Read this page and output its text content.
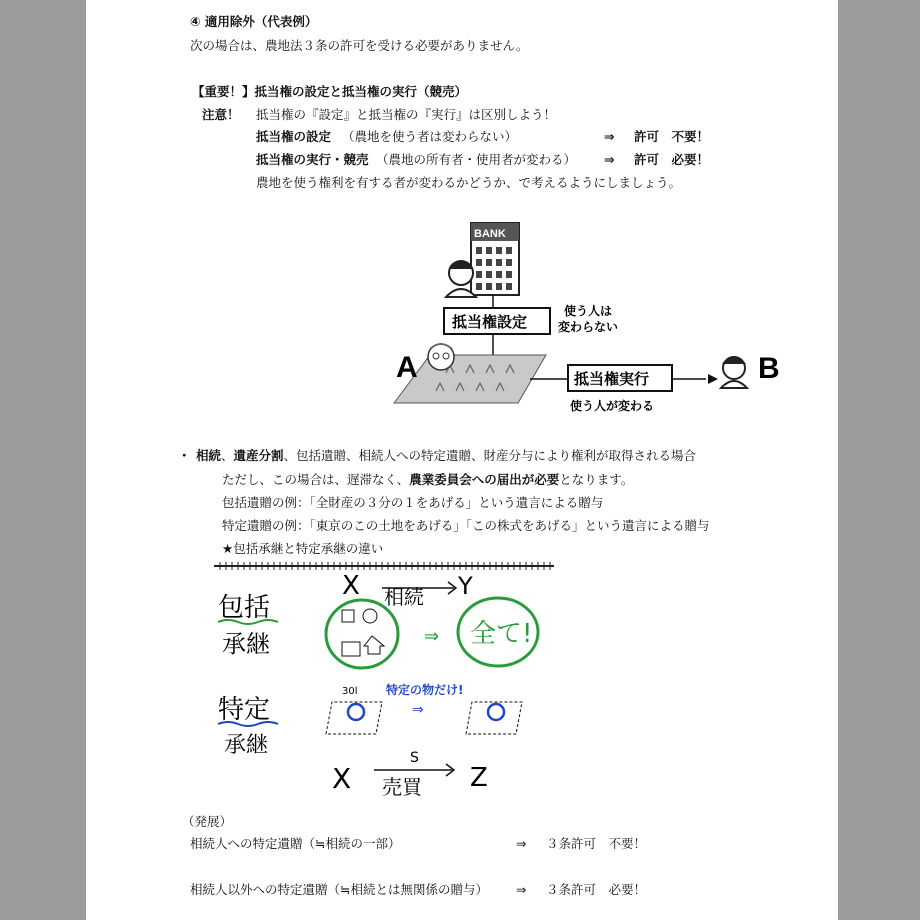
④ 適用除外（代表例）
次の場合は、農地法３条の許可を受ける必要がありません。
【重要！】抵当権の設定と抵当権の実行（競売）
注意！ 抵当権の『設定』と抵当権の『実行』は区別しよう！
抵当権の設定 （農地を使う者は変わらない）	⇒ 許可　不要！
抵当権の実行・競売 （農地の所有者・使用者が変わる） ⇒ 許可　必要！
農地を使う権利を有する者が変わるかどうか、で考えるようにしましょう。
BANK
抵当権設定
使う人は
変わらない
A	抵当権実行
使う人が変わる
B
・ 相続、遺産分割、包括遺贈、相続人への特定遺贈、財産分与により権利が取得される場合
ただし、この場合は、遅滞なく、農業委員会への届出が必要となります。
包括遺贈の例：「全財産の３分の１をあげる」という遺言による贈与
特定遺贈の例：「東京のこの土地をあげる」「この株式をあげる」という遺言による贈与
★包括承継と特定承継の違い
包括
承継
X 相続 Y
⇒ 全て!
特定
承継
30l 特定の物だけ!
⇒
X
S
売買 Z
（発展）
相続人への特定遺贈（≒相続の一部）	⇒ ３条許可　不要！
相続人以外への特定遺贈（≒相続とは無関係の贈与） ⇒ ３条許可　必要！
